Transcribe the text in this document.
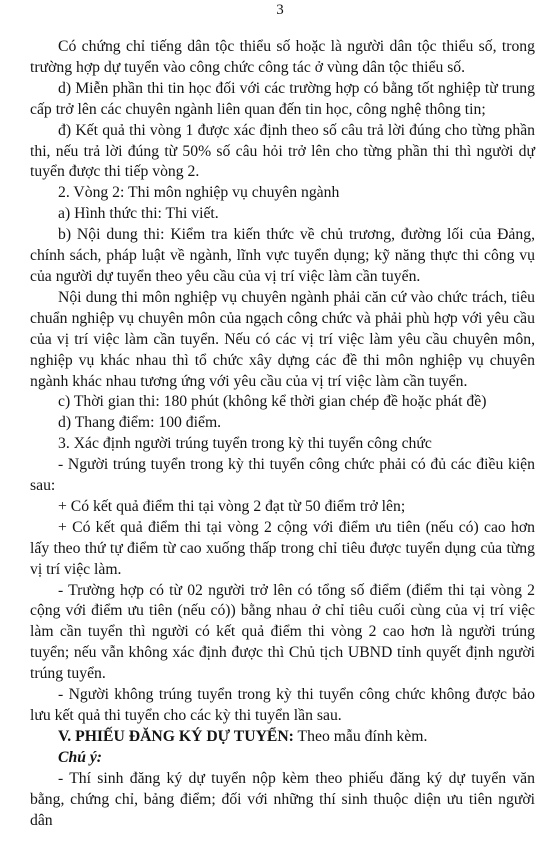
3

Có chứng chỉ tiếng dân tộc thiểu số hoặc là người dân tộc thiểu số, trong trường hợp dự tuyển vào công chức công tác ở vùng dân tộc thiểu số.

d) Miễn phần thi tin học đối với các trường hợp có bằng tốt nghiệp từ trung cấp trở lên các chuyên ngành liên quan đến tin học, công nghệ thông tin;

đ) Kết quả thi vòng 1 được xác định theo số câu trả lời đúng cho từng phần thi, nếu trả lời đúng từ 50% số câu hỏi trở lên cho từng phần thi thì người dự tuyển được thi tiếp vòng 2.

2. Vòng 2: Thi môn nghiệp vụ chuyên ngành

a) Hình thức thi: Thi viết.

b) Nội dung thi: Kiểm tra kiến thức về chủ trương, đường lối của Đảng, chính sách, pháp luật về ngành, lĩnh vực tuyển dụng; kỹ năng thực thi công vụ của người dự tuyển theo yêu cầu của vị trí việc làm cần tuyển.

Nội dung thi môn nghiệp vụ chuyên ngành phải căn cứ vào chức trách, tiêu chuẩn nghiệp vụ chuyên môn của ngạch công chức và phải phù hợp với yêu cầu của vị trí việc làm cần tuyển. Nếu có các vị trí việc làm yêu cầu chuyên môn, nghiệp vụ khác nhau thì tổ chức xây dựng các đề thi môn nghiệp vụ chuyên ngành khác nhau tương ứng với yêu cầu của vị trí việc làm cần tuyển.

c) Thời gian thi: 180 phút (không kể thời gian chép đề hoặc phát đề)

d) Thang điểm: 100 điểm.

3. Xác định người trúng tuyển trong kỳ thi tuyển công chức

- Người trúng tuyển trong kỳ thi tuyển công chức phải có đủ các điều kiện sau:

+ Có kết quả điểm thi tại vòng 2 đạt từ 50 điểm trở lên;

+ Có kết quả điểm thi tại vòng 2 cộng với điểm ưu tiên (nếu có) cao hơn lấy theo thứ tự điểm từ cao xuống thấp trong chỉ tiêu được tuyển dụng của từng vị trí việc làm.

- Trường hợp có từ 02 người trở lên có tổng số điểm (điểm thi tại vòng 2 cộng với điểm ưu tiên (nếu có)) bằng nhau ở chỉ tiêu cuối cùng của vị trí việc làm cần tuyển thì người có kết quả điểm thi vòng 2 cao hơn là người trúng tuyển; nếu vẫn không xác định được thì Chủ tịch UBND tỉnh quyết định người trúng tuyển.

- Người không trúng tuyển trong kỳ thi tuyển công chức không được bảo lưu kết quả thi tuyển cho các kỳ thi tuyển lần sau.

V. PHIẾU ĐĂNG KÝ DỰ TUYỂN: Theo mẫu đính kèm.

Chú ý:

- Thí sinh đăng ký dự tuyển nộp kèm theo phiếu đăng ký dự tuyển văn bằng, chứng chỉ, bảng điểm; đối với những thí sinh thuộc diện ưu tiên người dân
